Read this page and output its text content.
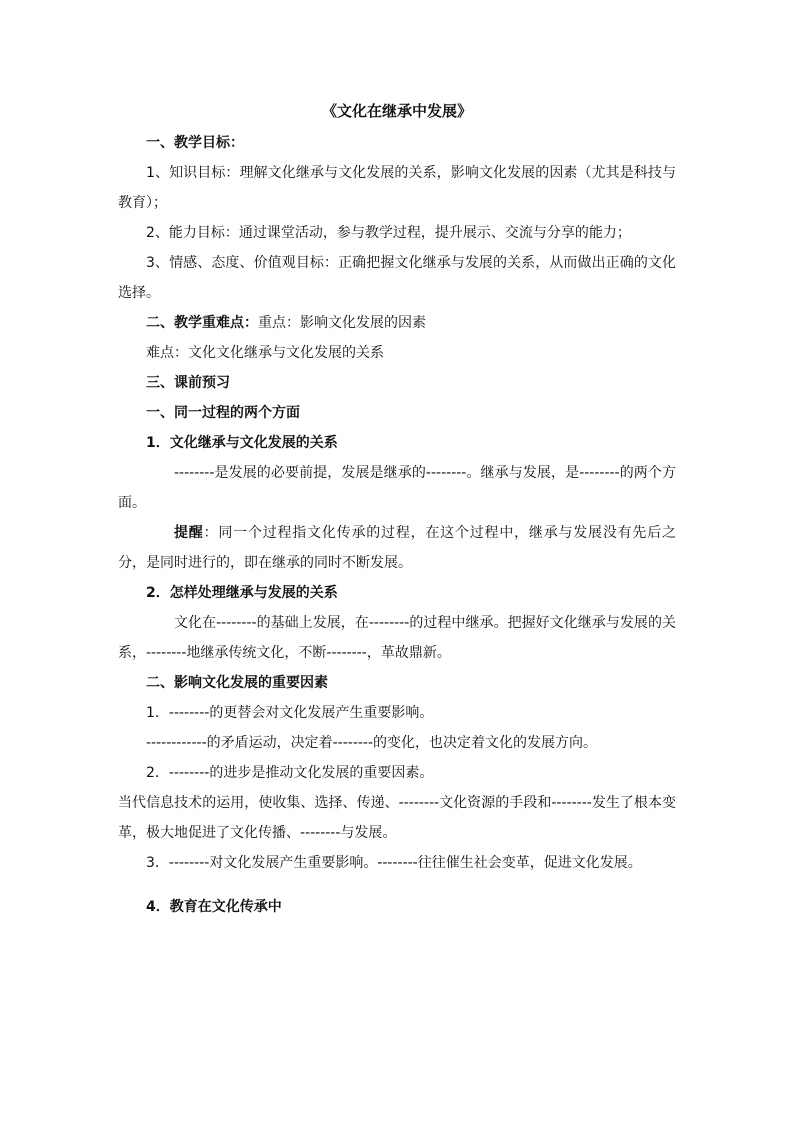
《文化在继承中发展》
一、教学目标：
1、知识目标：理解文化继承与文化发展的关系，影响文化发展的因素（尤其是科技与教育）；
2、能力目标：通过课堂活动，参与教学过程，提升展示、交流与分享的能力；
3、情感、态度、价值观目标：正确把握文化继承与发展的关系，从而做出正确的文化选择。
二、教学重难点：重点：影响文化发展的因素
难点：文化文化继承与文化发展的关系
三、课前预习
一、同一过程的两个方面
1．文化继承与文化发展的关系
--------是发展的必要前提，发展是继承的--------。继承与发展，是--------的两个方面。
提醒：同一个过程指文化传承的过程，在这个过程中，继承与发展没有先后之分，是同时进行的，即在继承的同时不断发展。
2．怎样处理继承与发展的关系
文化在--------的基础上发展，在--------的过程中继承。把握好文化继承与发展的关系，--------地继承传统文化，不断--------，革故鼎新。
二、影响文化发展的重要因素
1．--------的更替会对文化发展产生重要影响。
------------的矛盾运动，决定着--------的变化，也决定着文化的发展方向。
2．--------的进步是推动文化发展的重要因素。
当代信息技术的运用，使收集、选择、传递、--------文化资源的手段和--------发生了根本变革，极大地促进了文化传播、--------与发展。
3．--------对文化发展产生重要影响。--------往往催生社会变革，促进文化发展。
4．教育在文化传承中
